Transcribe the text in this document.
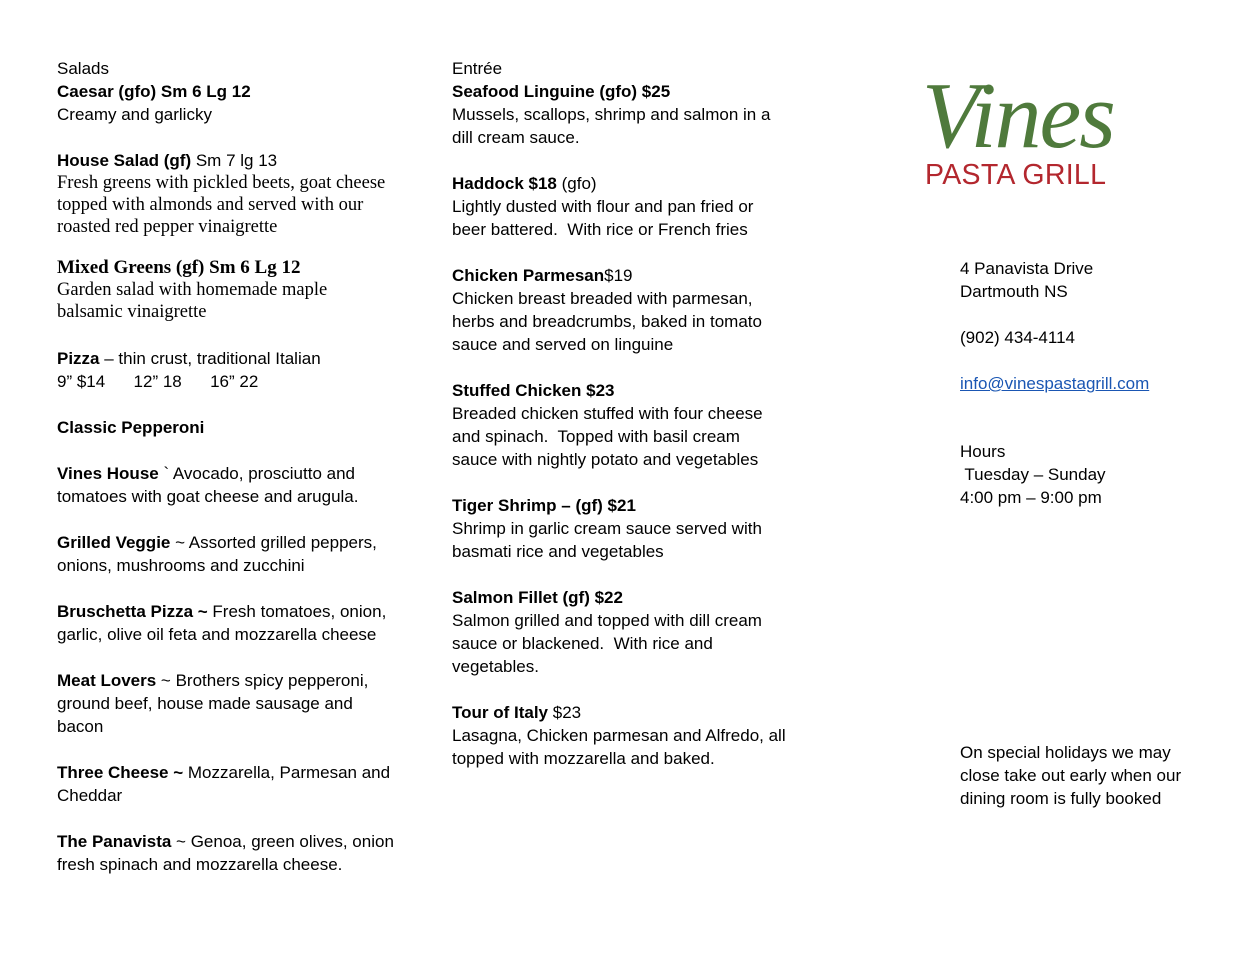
Salads
Caesar (gfo) Sm 6 Lg 12
Creamy and garlicky
House Salad (gf) Sm 7 lg 13
Fresh greens with pickled beets, goat cheese
topped with almonds and served with our
roasted red pepper vinaigrette
Mixed Greens (gf) Sm 6 Lg 12
Garden salad with homemade maple
balsamic vinaigrette
Pizza – thin crust, traditional Italian
9” $14      12” 18      16” 22
Classic Pepperoni
Vines House ` Avocado, prosciutto and
tomatoes with goat cheese and arugula.
Grilled Veggie ~ Assorted grilled peppers,
onions, mushrooms and zucchini
Bruschetta Pizza ~ Fresh tomatoes, onion,
garlic, olive oil feta and mozzarella cheese
Meat Lovers ~ Brothers spicy pepperoni,
ground beef, house made sausage and
bacon
Three Cheese ~ Mozzarella, Parmesan and
Cheddar
The Panavista ~ Genoa, green olives, onion
fresh spinach and mozzarella cheese.
Entrée
Seafood Linguine (gfo) $25
Mussels, scallops, shrimp and salmon in a
dill cream sauce.
Haddock $18 (gfo)
Lightly dusted with flour and pan fried or
beer battered.  With rice or French fries
Chicken Parmesan$19
Chicken breast breaded with parmesan,
herbs and breadcrumbs, baked in tomato
sauce and served on linguine
Stuffed Chicken $23
Breaded chicken stuffed with four cheese
and spinach.  Topped with basil cream
sauce with nightly potato and vegetables
Tiger Shrimp – (gf) $21
Shrimp in garlic cream sauce served with
basmati rice and vegetables
Salmon Fillet (gf) $22
Salmon grilled and topped with dill cream
sauce or blackened.  With rice and
vegetables.
Tour of Italy $23
Lasagna, Chicken parmesan and Alfredo, all
topped with mozzarella and baked.
Vines
PASTA GRILL
4 Panavista Drive
Dartmouth NS
(902) 434-4114
info@vinespastagrill.com
Hours
Tuesday – Sunday
4:00 pm – 9:00 pm
On special holidays we may
close take out early when our
dining room is fully booked
